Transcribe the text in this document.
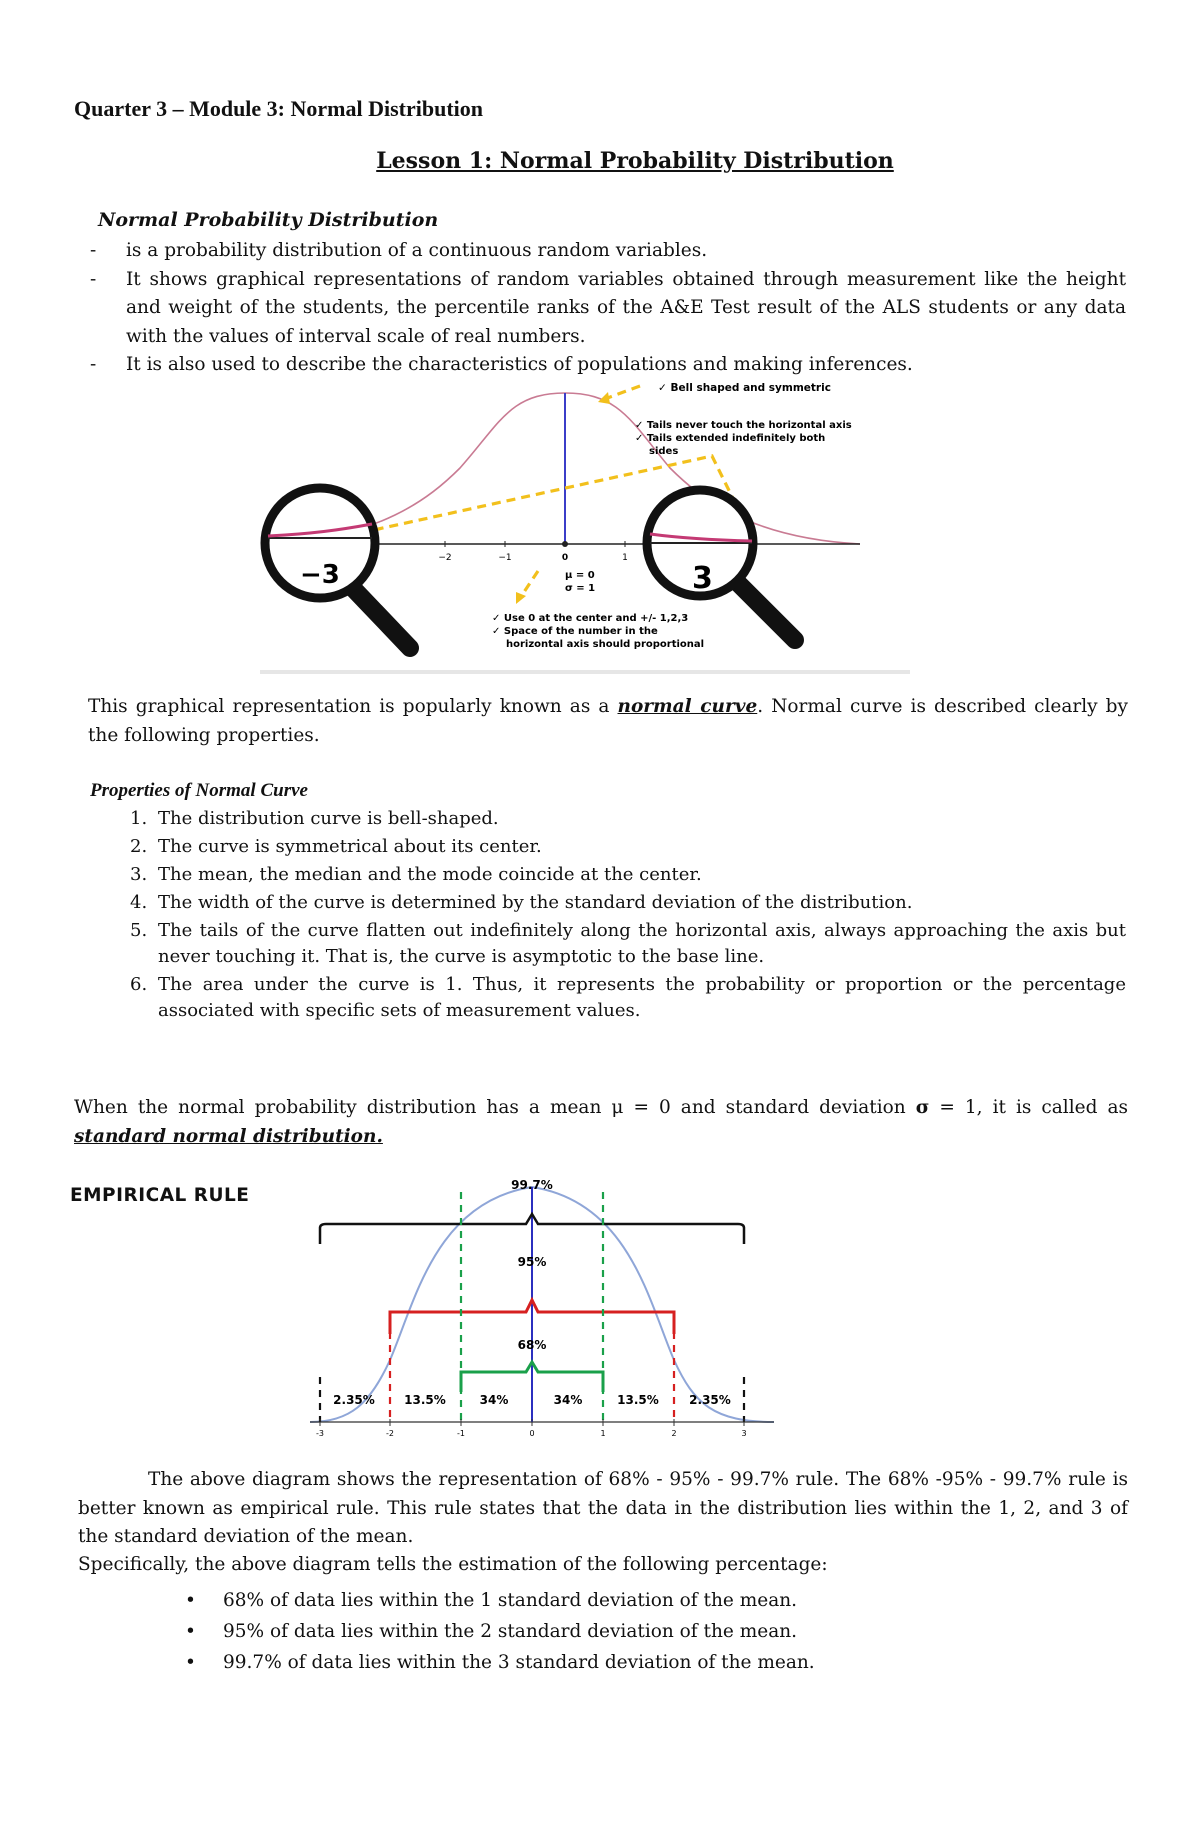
Quarter 3 – Module 3: Normal Distribution
Lesson 1: Normal Probability Distribution
Normal Probability Distribution
- is a probability distribution of a continuous random variables.
- It shows graphical representations of random variables obtained through measurement like the height and weight of the students, the percentile ranks of the A&E Test result of the ALS students or any data with the values of interval scale of real numbers.
- It is also used to describe the characteristics of populations and making inferences.
−2	−1	0	1
✓ Bell shaped and symmetric
✓ Tails never touch the horizontal axis
✓ Tails extended indefinitely both
sides
μ = 0
σ = 1
✓ Use 0 at the center and +/- 1,2,3
✓ Space of the number in the
horizontal axis should proportional
−3	3
This graphical representation is popularly known as a normal curve. Normal curve is described clearly by the following properties.
Properties of Normal Curve
1. The distribution curve is bell-shaped.
2. The curve is symmetrical about its center.
3. The mean, the median and the mode coincide at the center.
4. The width of the curve is determined by the standard deviation of the distribution.
5. The tails of the curve flatten out indefinitely along the horizontal axis, always approaching the axis but never touching it. That is, the curve is asymptotic to the base line.
6. The area under the curve is 1. Thus, it represents the probability or proportion or the percentage associated with specific sets of measurement values.
When the normal probability distribution has a mean μ = 0 and standard deviation σ = 1, it is called as standard normal distribution.
EMPIRICAL RULE
-3	-2	-1	0	1	2	3
99.7%
95%
68%
2.35% 13.5%	34%	34%	13.5%	2.35%
The above diagram shows the representation of 68% - 95% - 99.7% rule. The 68% -95% - 99.7% rule is better known as empirical rule. This rule states that the data in the distribution lies within the 1, 2, and 3 of the standard deviation of the mean.
Specifically, the above diagram tells the estimation of the following percentage:
• 68% of data lies within the 1 standard deviation of the mean.
• 95% of data lies within the 2 standard deviation of the mean.
• 99.7% of data lies within the 3 standard deviation of the mean.
